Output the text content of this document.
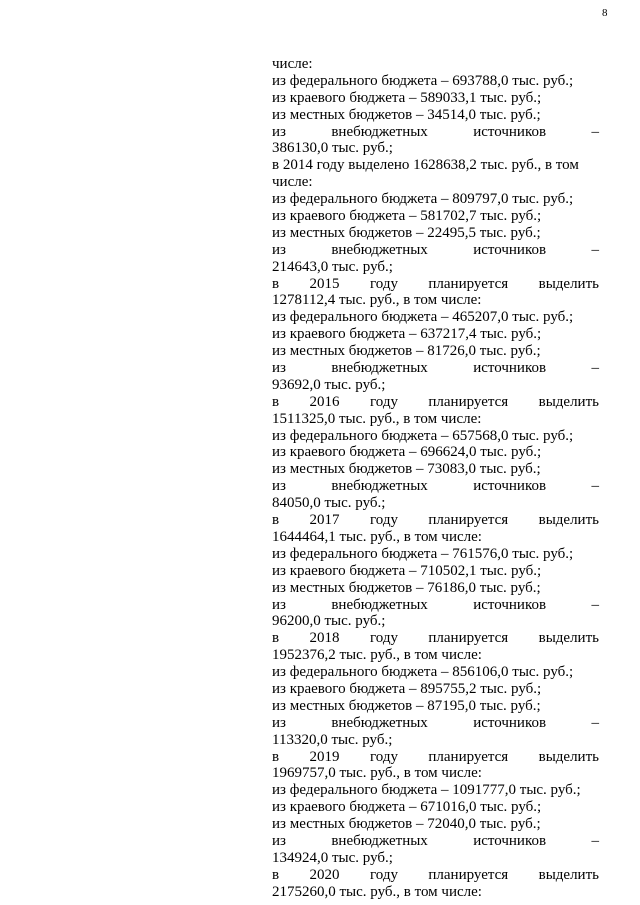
8
числе:
из федерального бюджета – 693788,0 тыс. руб.;
из краевого бюджета – 589033,1 тыс. руб.;
из местных бюджетов – 34514,0 тыс. руб.;
из	внебюджетных	источников	–
386130,0 тыс. руб.;
в 2014 году выделено 1628638,2 тыс. руб., в том
числе:
из федерального бюджета – 809797,0 тыс. руб.;
из краевого бюджета – 581702,7 тыс. руб.;
из местных бюджетов – 22495,5 тыс. руб.;
из	внебюджетных	источников	–
214643,0 тыс. руб.;
в 2015 году планируется выделить
1278112,4 тыс. руб., в том числе:
из федерального бюджета – 465207,0 тыс. руб.;
из краевого бюджета – 637217,4 тыс. руб.;
из местных бюджетов – 81726,0 тыс. руб.;
из	внебюджетных	источников	–
93692,0 тыс. руб.;
в 2016 году планируется выделить
1511325,0 тыс. руб., в том числе:
из федерального бюджета – 657568,0 тыс. руб.;
из краевого бюджета – 696624,0 тыс. руб.;
из местных бюджетов – 73083,0 тыс. руб.;
из	внебюджетных	источников	–
84050,0 тыс. руб.;
в 2017 году планируется выделить
1644464,1 тыс. руб., в том числе:
из федерального бюджета – 761576,0 тыс. руб.;
из краевого бюджета – 710502,1 тыс. руб.;
из местных бюджетов – 76186,0 тыс. руб.;
из	внебюджетных	источников	–
96200,0 тыс. руб.;
в 2018 году планируется выделить
1952376,2 тыс. руб., в том числе:
из федерального бюджета – 856106,0 тыс. руб.;
из краевого бюджета – 895755,2 тыс. руб.;
из местных бюджетов – 87195,0 тыс. руб.;
из	внебюджетных	источников	–
113320,0 тыс. руб.;
в 2019 году планируется выделить
1969757,0 тыс. руб., в том числе:
из федерального бюджета – 1091777,0 тыс. руб.;
из краевого бюджета – 671016,0 тыс. руб.;
из местных бюджетов – 72040,0 тыс. руб.;
из	внебюджетных	источников	–
134924,0 тыс. руб.;
в 2020 году планируется выделить
2175260,0 тыс. руб., в том числе:
